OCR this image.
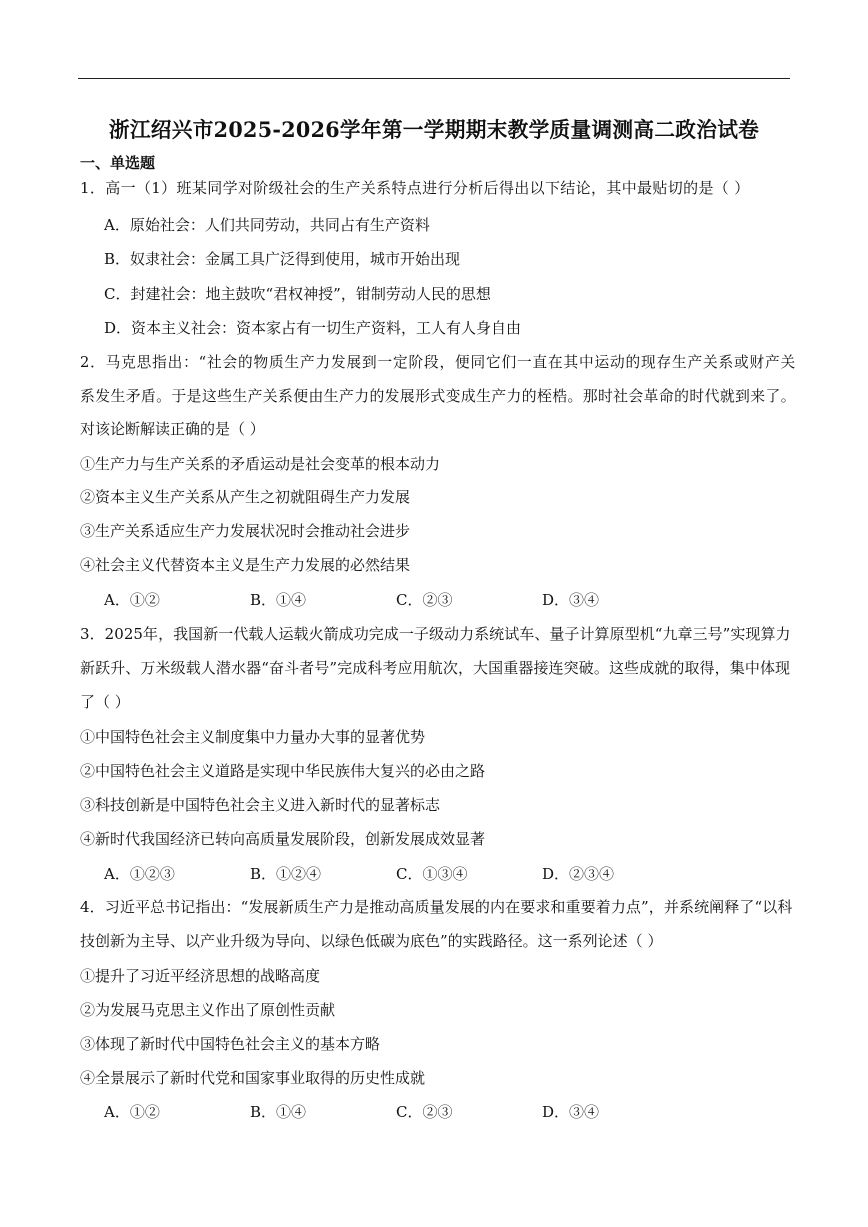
浙江绍兴市2025-2026学年第一学期期末教学质量调测高二政治试卷
一、单选题
1．高一（1）班某同学对阶级社会的生产关系特点进行分析后得出以下结论，其中最贴切的是（ ）
A．原始社会：人们共同劳动，共同占有生产资料
B．奴隶社会：金属工具广泛得到使用，城市开始出现
C．封建社会：地主鼓吹“君权神授”，钳制劳动人民的思想
D．资本主义社会：资本家占有一切生产资料，工人有人身自由
2．马克思指出：“社会的物质生产力发展到一定阶段，便同它们一直在其中运动的现存生产关系或财产关
系发生矛盾。于是这些生产关系便由生产力的发展形式变成生产力的桎梏。那时社会革命的时代就到来了。
对该论断解读正确的是（ ）
①生产力与生产关系的矛盾运动是社会变革的根本动力
②资本主义生产关系从产生之初就阻碍生产力发展
③生产关系适应生产力发展状况时会推动社会进步
④社会主义代替资本主义是生产力发展的必然结果
A．①②	B．①④	C．②③	D．③④
3．2025年，我国新一代载人运载火箭成功完成一子级动力系统试车、量子计算原型机“九章三号”实现算力
新跃升、万米级载人潜水器“奋斗者号”完成科考应用航次，大国重器接连突破。这些成就的取得，集中体现
了（ ）
①中国特色社会主义制度集中力量办大事的显著优势
②中国特色社会主义道路是实现中华民族伟大复兴的必由之路
③科技创新是中国特色社会主义进入新时代的显著标志
④新时代我国经济已转向高质量发展阶段，创新发展成效显著
A．①②③	B．①②④	C．①③④	D．②③④
4．习近平总书记指出：“发展新质生产力是推动高质量发展的内在要求和重要着力点”，并系统阐释了“以科
技创新为主导、以产业升级为导向、以绿色低碳为底色”的实践路径。这一系列论述（ ）
①提升了习近平经济思想的战略高度
②为发展马克思主义作出了原创性贡献
③体现了新时代中国特色社会主义的基本方略
④全景展示了新时代党和国家事业取得的历史性成就
A．①②	B．①④	C．②③	D．③④
